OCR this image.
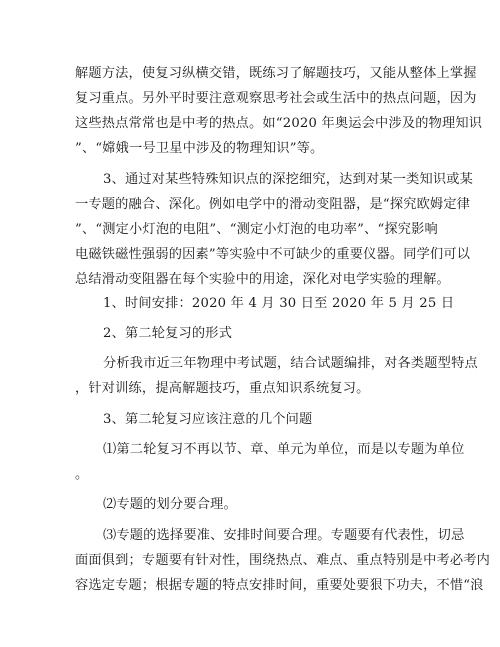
解题方法，使复习纵横交错，既练习了解题技巧，又能从整体上掌握
复习重点。另外平时要注意观察思考社会或生活中的热点问题，因为
这些热点常常也是中考的热点。如“2020 年奥运会中涉及的物理知识
”、“嫦娥一号卫星中涉及的物理知识”等。
3、通过对某些特殊知识点的深挖细究，达到对某一类知识或某
一专题的融合、深化。例如电学中的滑动变阻器，是“探究欧姆定律
”、“测定小灯泡的电阻”、“测定小灯泡的电功率”、“探究影响
电磁铁磁性强弱的因素”等实验中不可缺少的重要仪器。同学们可以
总结滑动变阻器在每个实验中的用途，深化对电学实验的理解。
1、时间安排：2020 年 4 月 30 日至 2020 年 5 月 25 日
2、第二轮复习的形式
分析我市近三年物理中考试题，结合试题编排，对各类题型特点
，针对训练，提高解题技巧，重点知识系统复习。
3、第二轮复习应该注意的几个问题
⑴第二轮复习不再以节、章、单元为单位，而是以专题为单位
。
⑵专题的划分要合理。
⑶专题的选择要准、安排时间要合理。专题要有代表性，切忌
面面俱到；专题要有针对性，围绕热点、难点、重点特别是中考必考内
容选定专题；根据专题的特点安排时间，重要处要狠下功夫，不惜“浪
